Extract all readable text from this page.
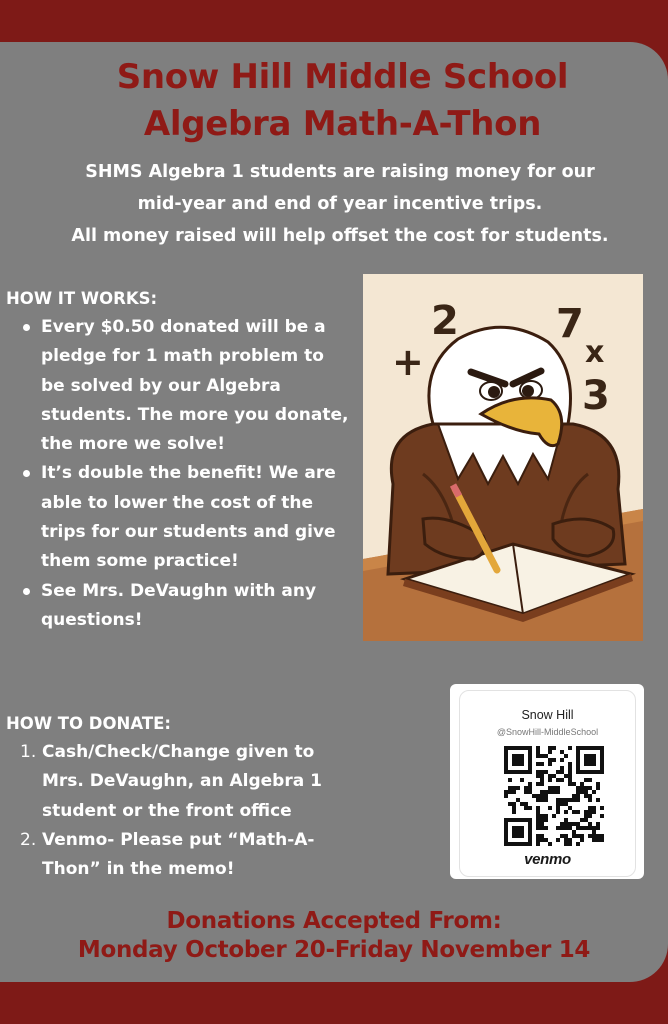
Snow Hill Middle School
Algebra Math-A-Thon
SHMS Algebra 1 students are raising money for our
mid-year and end of year incentive trips.
All money raised will help offset the cost for students.
HOW IT WORKS:
Every $0.50 donated will be a pledge for 1 math problem to be solved by our Algebra students. The more you donate, the more we solve!
It’s double the benefit! We are able to lower the cost of the trips for our students and give them some practice!
See Mrs. DeVaughn with any questions!
2 7
3
+	x
HOW TO DONATE:
1. Cash/Check/Change given to Mrs. DeVaughn, an Algebra 1 student or the front office
2. Venmo- Please put “Math-A-Thon” in the memo!
Snow Hill
@SnowHill-MiddleSchool
venmo
Donations Accepted From:
Monday October 20-Friday November 14
